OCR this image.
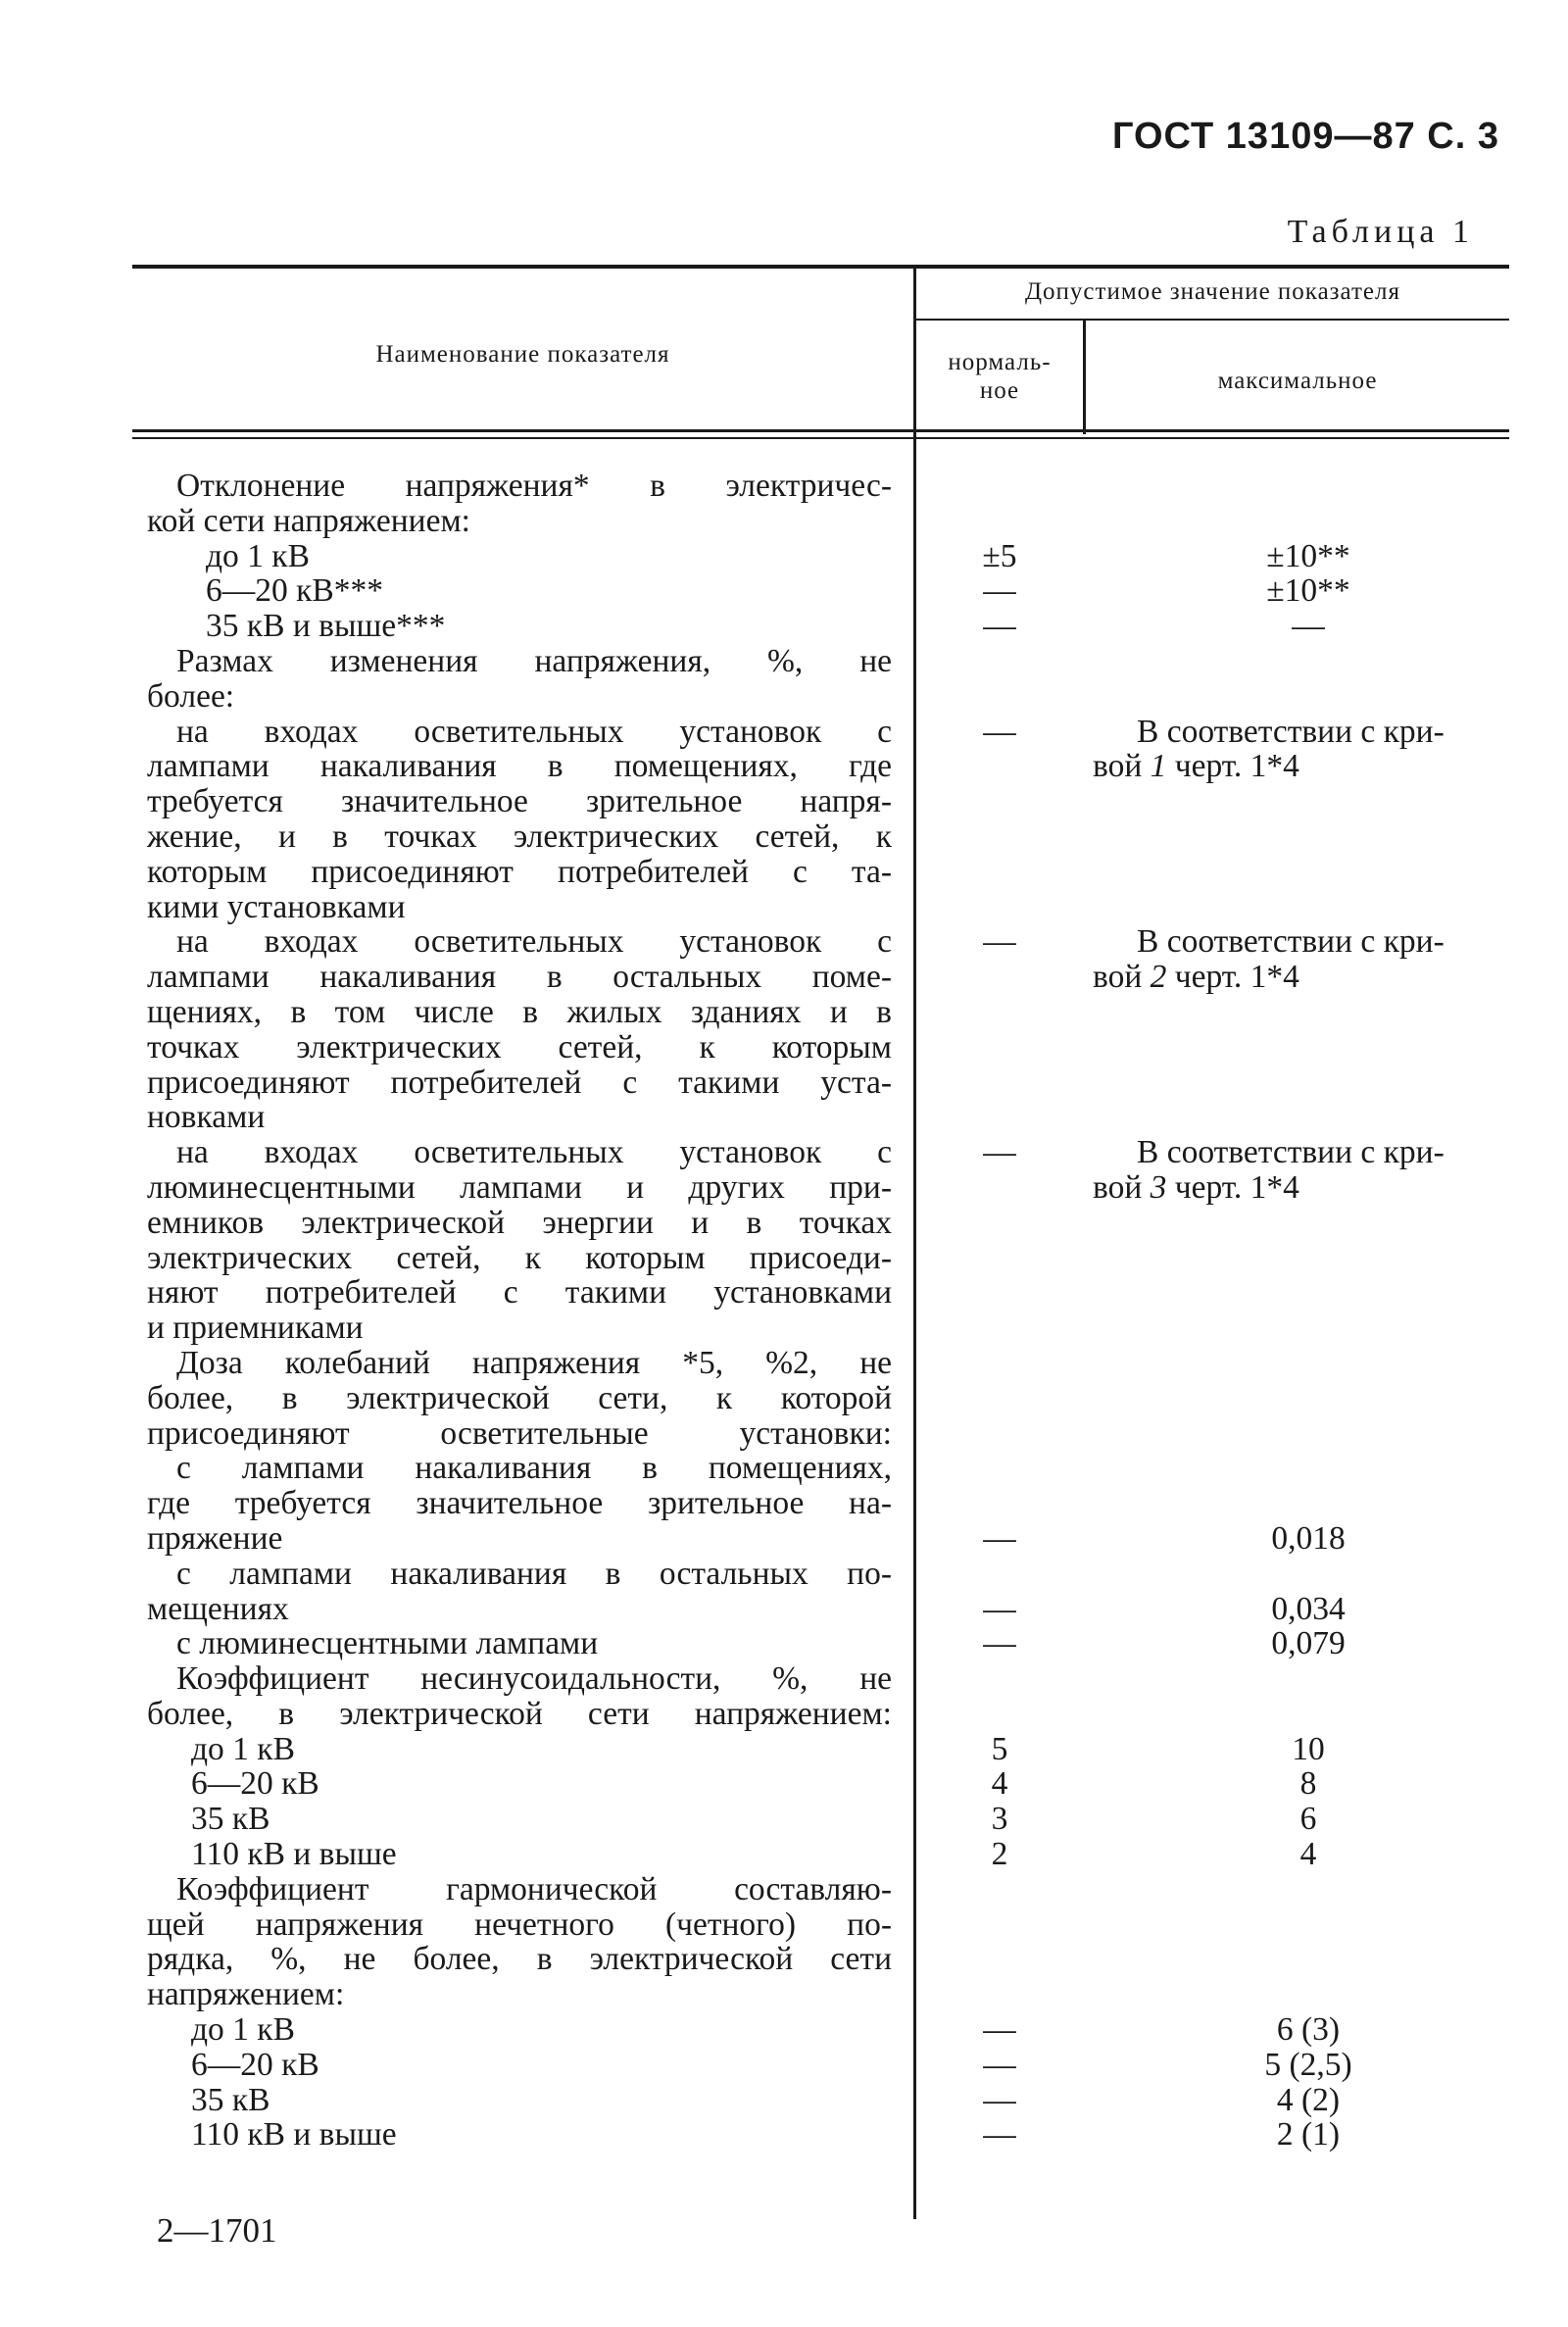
ГОСТ 13109—87 С. 3
Таблица 1
Наименование показателя
Допустимое значение показателя
нормаль-
ное	максимальное
Отклонение напряжения* в электричес-
кой сети напряжением:
до 1 кВ
6—20 кВ***
35 кВ и выше***
Размах изменения напряжения, %, не
более:
на входах осветительных установок с
лампами накаливания в помещениях, где
требуется значительное зрительное напря-
жение, и в точках электрических сетей, к
которым присоединяют потребителей с та-
кими установками
на входах осветительных установок с
лампами накаливания в остальных поме-
щениях, в том числе в жилых зданиях и в
точках электрических сетей, к которым
присоединяют потребителей с такими уста-
новками
на входах осветительных установок с
люминесцентными лампами и других при-
емников электрической энергии и в точках
электрических сетей, к которым присоеди-
няют потребителей с такими установками
и приемниками
Доза колебаний напряжения *5, %2, не
более, в электрической сети, к которой
присоединяют осветительные установки:
с лампами накаливания в помещениях,
где требуется значительное зрительное на-
пряжение
с лампами накаливания в остальных по-
мещениях
с люминесцентными лампами
Коэффициент несинусоидальности, %, не
более, в электрической сети напряжением:
до 1 кВ
6—20 кВ
35 кВ
110 кВ и выше
Коэффициент гармонической составляю-
щей напряжения нечетного (четного) по-
рядка, %, не более, в электрической сети
напряжением:
до 1 кВ
6—20 кВ
35 кВ
110 кВ и выше
±5
—
—
—
—
—
—
—
—
5
4
3
2
—
—
—
—
±10**
±10**
—
В соответствии с кри-
вой 1 черт. 1*4
В соответствии с кри-
вой 2 черт. 1*4
В соответствии с кри-
вой 3 черт. 1*4
0,018
0,034
0,079
10
8
6
4
6 (3)
5 (2,5)
4 (2)
2 (1)
2—1701
